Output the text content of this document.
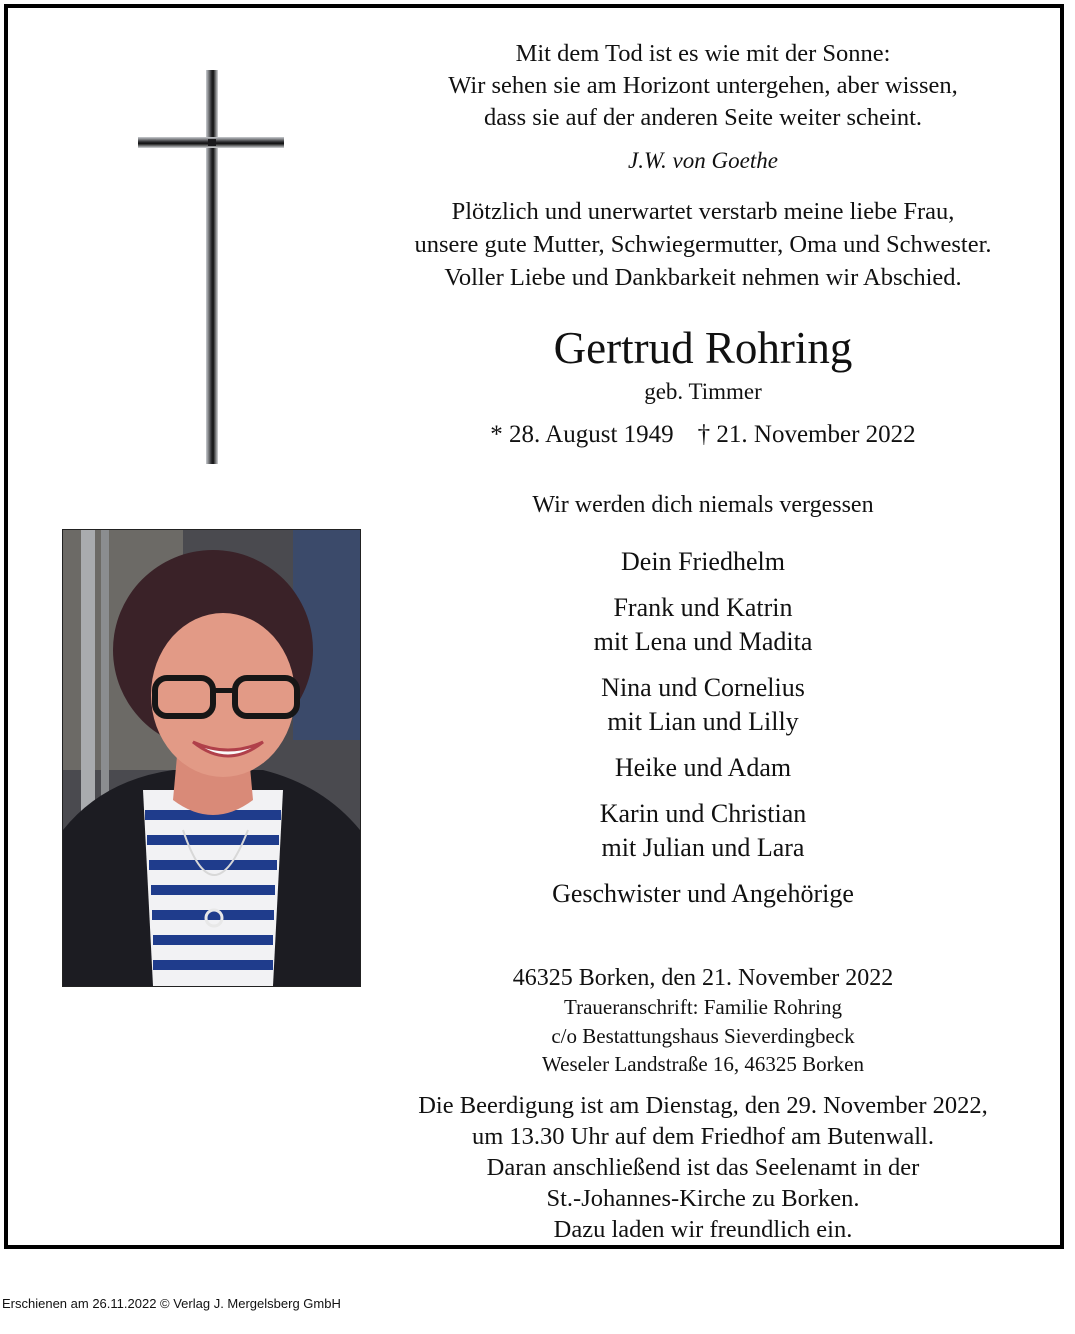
Mit dem Tod ist es wie mit der Sonne:
Wir sehen sie am Horizont untergehen, aber wissen,
dass sie auf der anderen Seite weiter scheint.
J.W. von Goethe
Plötzlich und unerwartet verstarb meine liebe Frau,
unsere gute Mutter, Schwiegermutter, Oma und Schwester.
Voller Liebe und Dankbarkeit nehmen wir Abschied.
Gertrud Rohring
geb. Timmer
* 28. August 1949 † 21. November 2022
Wir werden dich niemals vergessen
Dein Friedhelm
Frank und Katrin
mit Lena und Madita
Nina und Cornelius
mit Lian und Lilly
Heike und Adam
Karin und Christian
mit Julian und Lara
Geschwister und Angehörige
46325 Borken, den 21. November 2022
Traueranschrift: Familie Rohring
c/o Bestattungshaus Sieverdingbeck
Weseler Landstraße 16, 46325 Borken
Die Beerdigung ist am Dienstag, den 29. November 2022,
um 13.30 Uhr auf dem Friedhof am Butenwall.
Daran anschließend ist das Seelenamt in der
St.-Johannes-Kirche zu Borken.
Dazu laden wir freundlich ein.
Erschienen am 26.11.2022 © Verlag J. Mergelsberg GmbH
